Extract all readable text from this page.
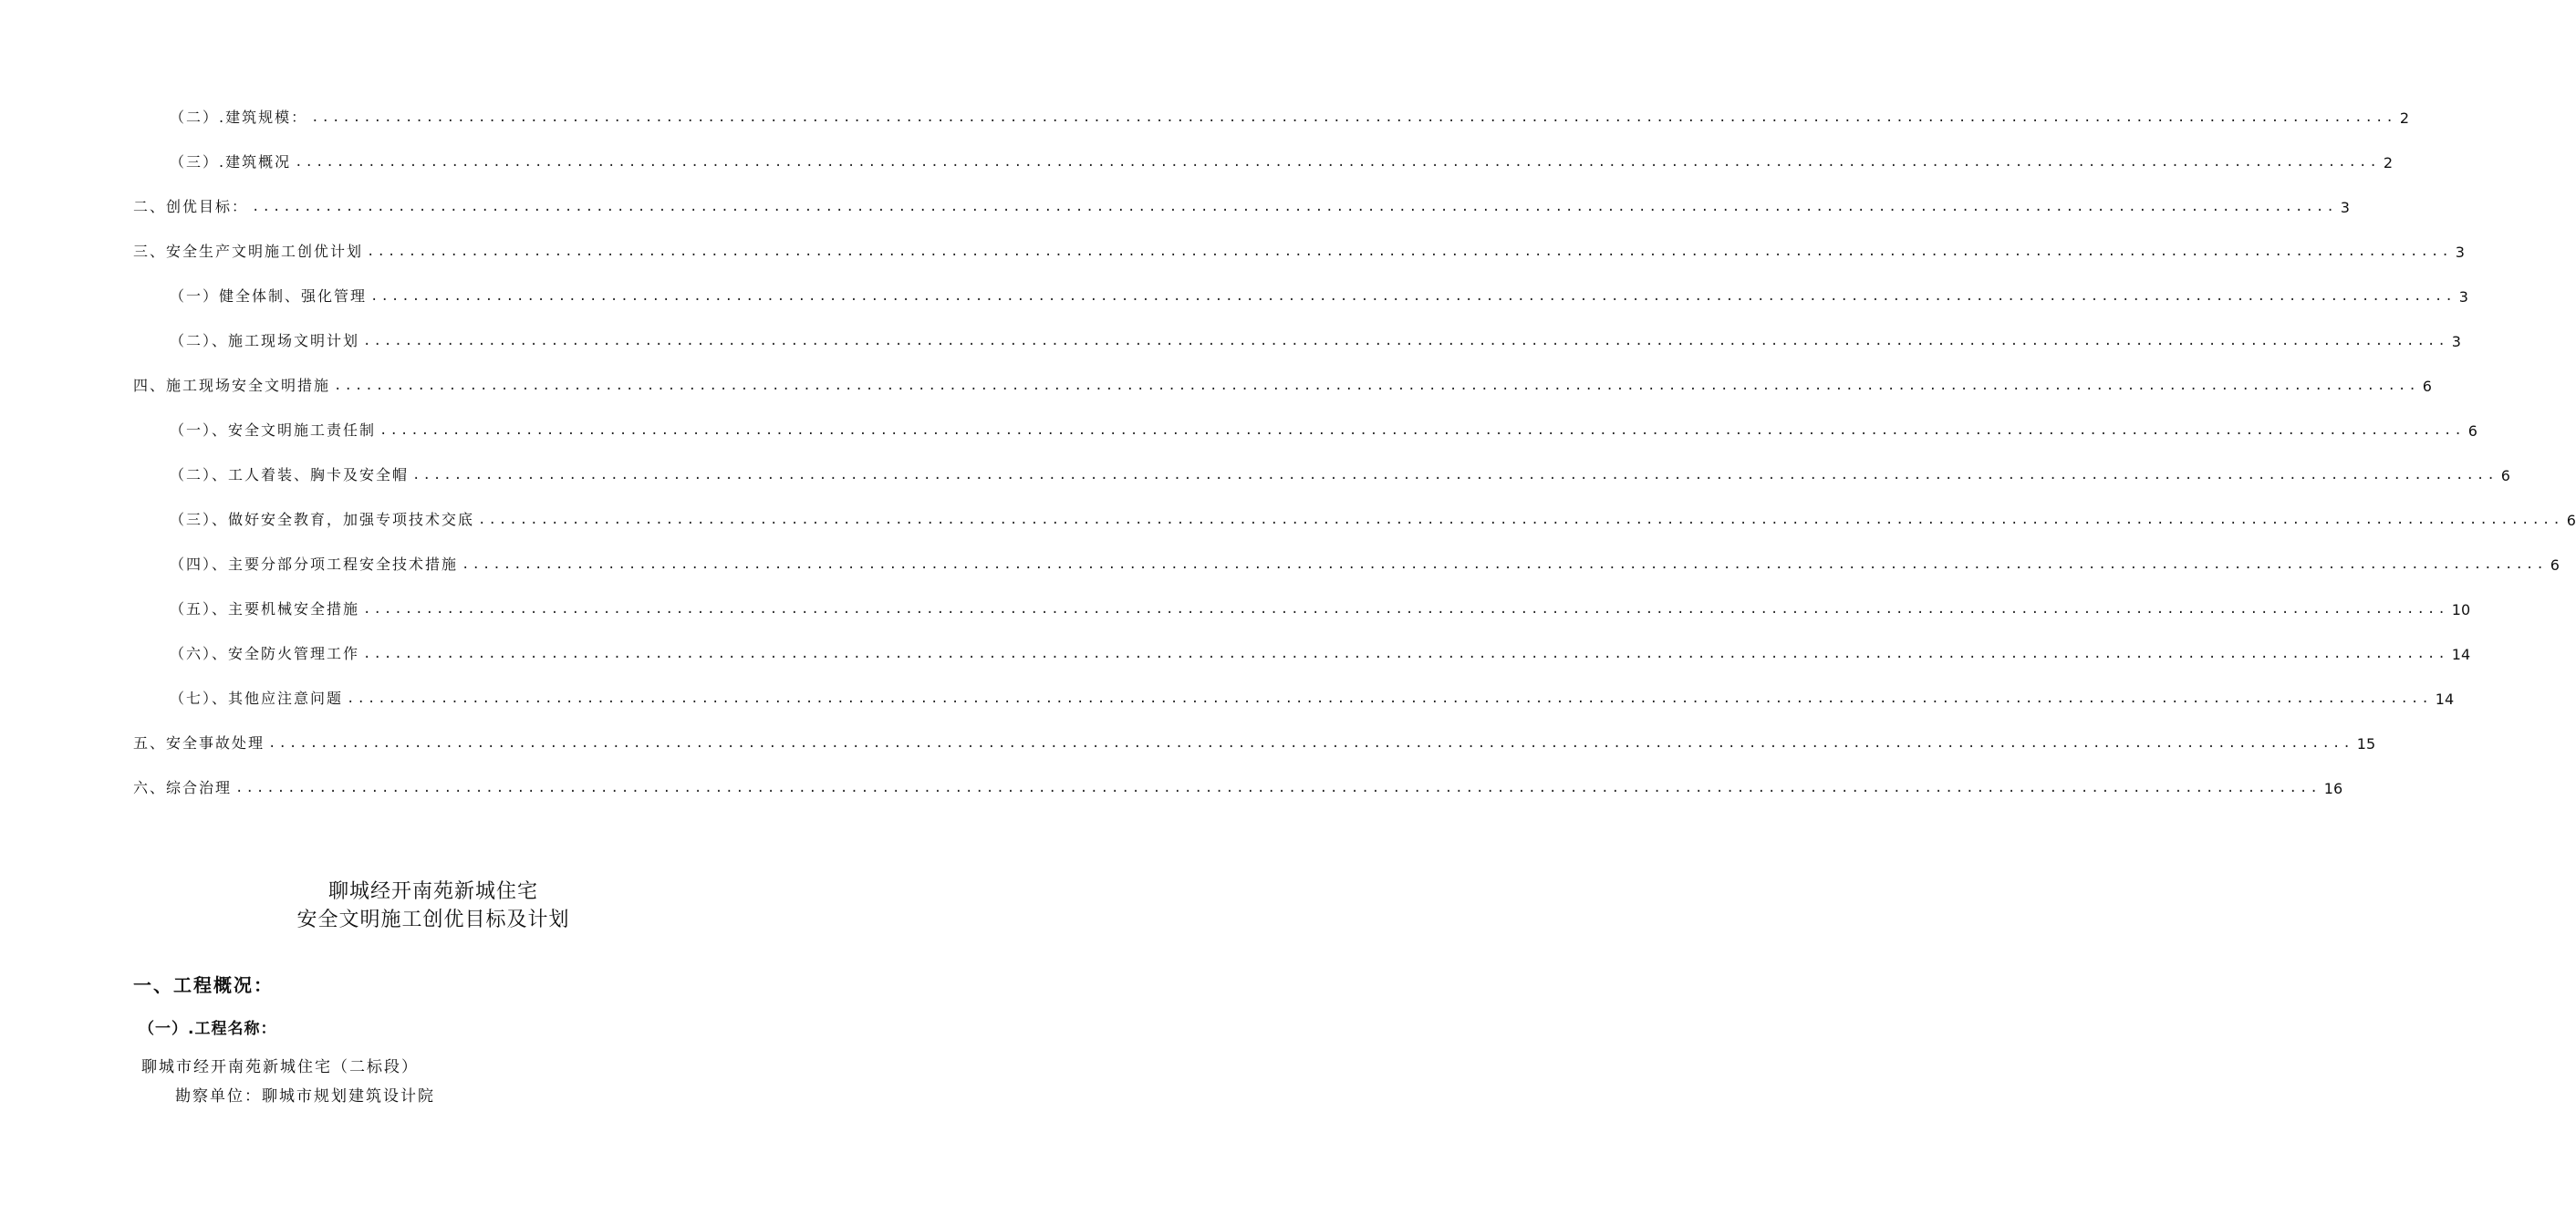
（二）.建筑规模： ........................................................................................................................................................................................................ 2
（三）.建筑概况 ........................................................................................................................................................................................................ 2
二、创优目标： ........................................................................................................................................................................................................ 3
三、安全生产文明施工创优计划 ........................................................................................................................................................................................................ 3
（一）健全体制、强化管理 ........................................................................................................................................................................................................ 3
（二）、施工现场文明计划 ........................................................................................................................................................................................................ 3
四、施工现场安全文明措施 ........................................................................................................................................................................................................ 6
（一）、安全文明施工责任制 ........................................................................................................................................................................................................ 6
（二）、工人着装、胸卡及安全帽 ........................................................................................................................................................................................................ 6
（三）、做好安全教育，加强专项技术交底 ........................................................................................................................................................................................................ 6
（四）、主要分部分项工程安全技术措施 ........................................................................................................................................................................................................ 6
（五）、主要机械安全措施 ........................................................................................................................................................................................................ 10
（六）、安全防火管理工作 ........................................................................................................................................................................................................ 14
（七）、其他应注意问题 ........................................................................................................................................................................................................ 14
五、安全事故处理 ........................................................................................................................................................................................................ 15
六、综合治理 ........................................................................................................................................................................................................ 16
聊城经开南苑新城住宅
安全文明施工创优目标及计划
一、工程概况：
（一）.工程名称：
聊城市经开南苑新城住宅（二标段）
勘察单位：聊城市规划建筑设计院
